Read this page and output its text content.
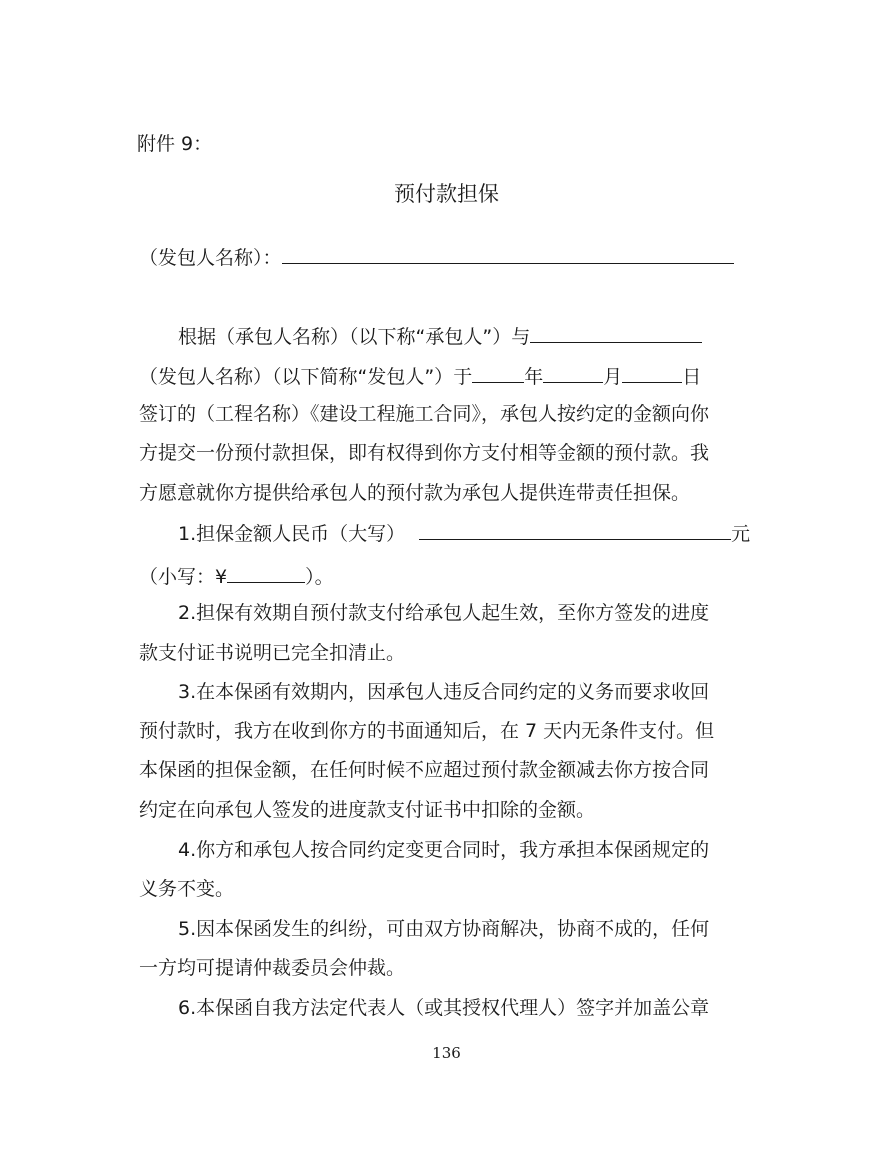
附件 9：
预付款担保
（发包人名称）：
根据（承包人名称）（以下称“承包人”）与
（发包人名称）（以下简称“发包人”）于	年	月	日
签订的（工程名称）《建设工程施工合同》，承包人按约定的金额向你
方提交一份预付款担保，即有权得到你方支付相等金额的预付款。我
方愿意就你方提供给承包人的预付款为承包人提供连带责任担保。
1.担保金额人民币（大写）	元
（小写：¥	）。
2.担保有效期自预付款支付给承包人起生效，至你方签发的进度
款支付证书说明已完全扣清止。
3.在本保函有效期内，因承包人违反合同约定的义务而要求收回
预付款时，我方在收到你方的书面通知后，在 7 天内无条件支付。但
本保函的担保金额，在任何时候不应超过预付款金额减去你方按合同
约定在向承包人签发的进度款支付证书中扣除的金额。
4.你方和承包人按合同约定变更合同时，我方承担本保函规定的
义务不变。
5.因本保函发生的纠纷，可由双方协商解决，协商不成的，任何
一方均可提请仲裁委员会仲裁。
6.本保函自我方法定代表人（或其授权代理人）签字并加盖公章
136
